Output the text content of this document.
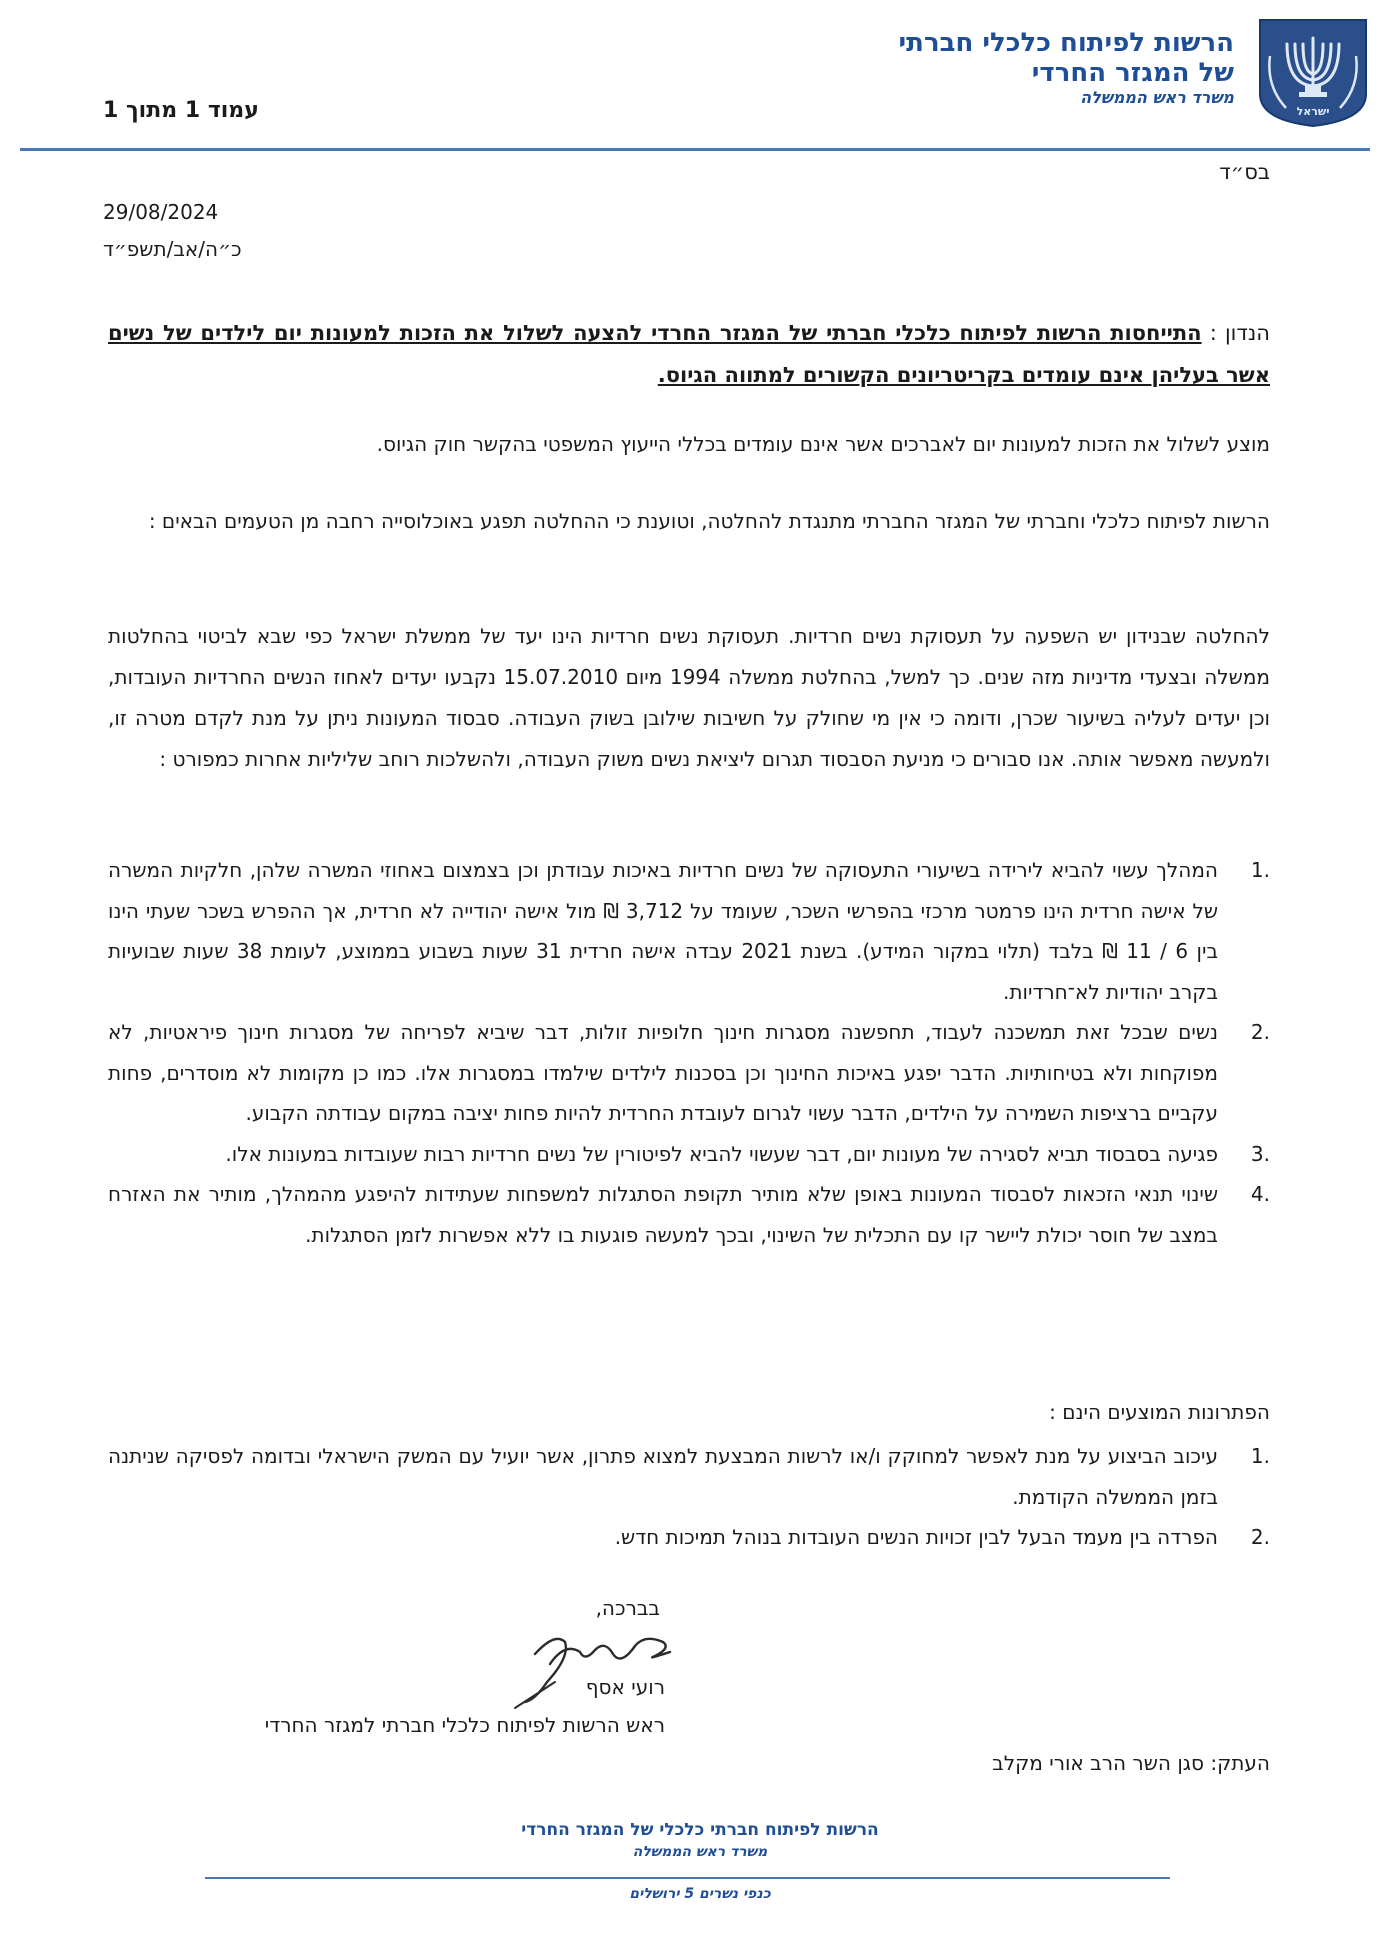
ישראל
הרשות לפיתוח כלכלי חברתי
של המגזר החרדי
משרד ראש הממשלה
עמוד 1 מתוך 1
בס״ד
29/08/2024
כ״ה/אב/תשפ״ד
הנדון : התייחסות הרשות לפיתוח כלכלי חברתי של המגזר החרדי להצעה לשלול את הזכות למעונות יום לילדים של נשים אשר בעליהן אינם עומדים בקריטריונים הקשורים למתווה הגיוס.
מוצע לשלול את הזכות למעונות יום לאברכים אשר אינם עומדים בכללי הייעוץ המשפטי בהקשר חוק הגיוס.
הרשות לפיתוח כלכלי וחברתי של המגזר החברתי מתנגדת להחלטה, וטוענת כי ההחלטה תפגע באוכלוסייה רחבה מן הטעמים הבאים :
להחלטה שבנידון יש השפעה על תעסוקת נשים חרדיות. תעסוקת נשים חרדיות הינו יעד של ממשלת ישראל כפי שבא לביטוי בהחלטות ממשלה ובצעדי מדיניות מזה שנים. כך למשל, בהחלטת ממשלה 1994 מיום 15.07.2010 נקבעו יעדים לאחוז הנשים החרדיות העובדות, וכן יעדים לעליה בשיעור שכרן, ודומה כי אין מי שחולק על חשיבות שילובן בשוק העבודה. סבסוד המעונות ניתן על מנת לקדם מטרה זו, ולמעשה מאפשר אותה. אנו סבורים כי מניעת הסבסוד תגרום ליציאת נשים משוק העבודה, ולהשלכות רוחב שליליות אחרות כמפורט :
1.
המהלך עשוי להביא לירידה בשיעורי התעסוקה של נשים חרדיות באיכות עבודתן וכן בצמצום באחוזי המשרה שלהן, חלקיות המשרה של אישה חרדית הינו פרמטר מרכזי בהפרשי השכר, שעומד על 3,712 ₪ מול אישה יהודייה לא חרדית, אך ההפרש בשכר שעתי הינו בין 6 / 11 ₪ בלבד (תלוי במקור המידע). בשנת 2021 עבדה אישה חרדית 31 שעות בשבוע בממוצע, לעומת 38 שעות שבועיות בקרב יהודיות לא־חרדיות.
2.
נשים שבכל זאת תמשכנה לעבוד, תחפשנה מסגרות חינוך חלופיות זולות, דבר שיביא לפריחה של מסגרות חינוך פיראטיות, לא מפוקחות ולא בטיחותיות. הדבר יפגע באיכות החינוך וכן בסכנות לילדים שילמדו במסגרות אלו. כמו כן מקומות לא מוסדרים, פחות עקביים ברציפות השמירה על הילדים, הדבר עשוי לגרום לעובדת החרדית להיות פחות יציבה במקום עבודתה הקבוע.
3.
פגיעה בסבסוד תביא לסגירה של מעונות יום, דבר שעשוי להביא לפיטורין של נשים חרדיות רבות שעובדות במעונות אלו.
4.
שינוי תנאי הזכאות לסבסוד המעונות באופן שלא מותיר תקופת הסתגלות למשפחות שעתידות להיפגע מהמהלך, מותיר את האזרח במצב של חוסר יכולת ליישר קו עם התכלית של השינוי, ובכך למעשה פוגעות בו ללא אפשרות לזמן הסתגלות.
הפתרונות המוצעים הינם :
1.
עיכוב הביצוע על מנת לאפשר למחוקק ו/או לרשות המבצעת למצוא פתרון, אשר יועיל עם המשק הישראלי ובדומה לפסיקה שניתנה בזמן הממשלה הקודמת.
2.
הפרדה בין מעמד הבעל לבין זכויות הנשים העובדות בנוהל תמיכות חדש.
בברכה,
רועי אסף
ראש הרשות לפיתוח כלכלי חברתי למגזר החרדי
העתק: סגן השר הרב אורי מקלב
הרשות לפיתוח חברתי כלכלי של המגזר החרדי
משרד ראש הממשלה
כנפי נשרים 5 ירושלים
